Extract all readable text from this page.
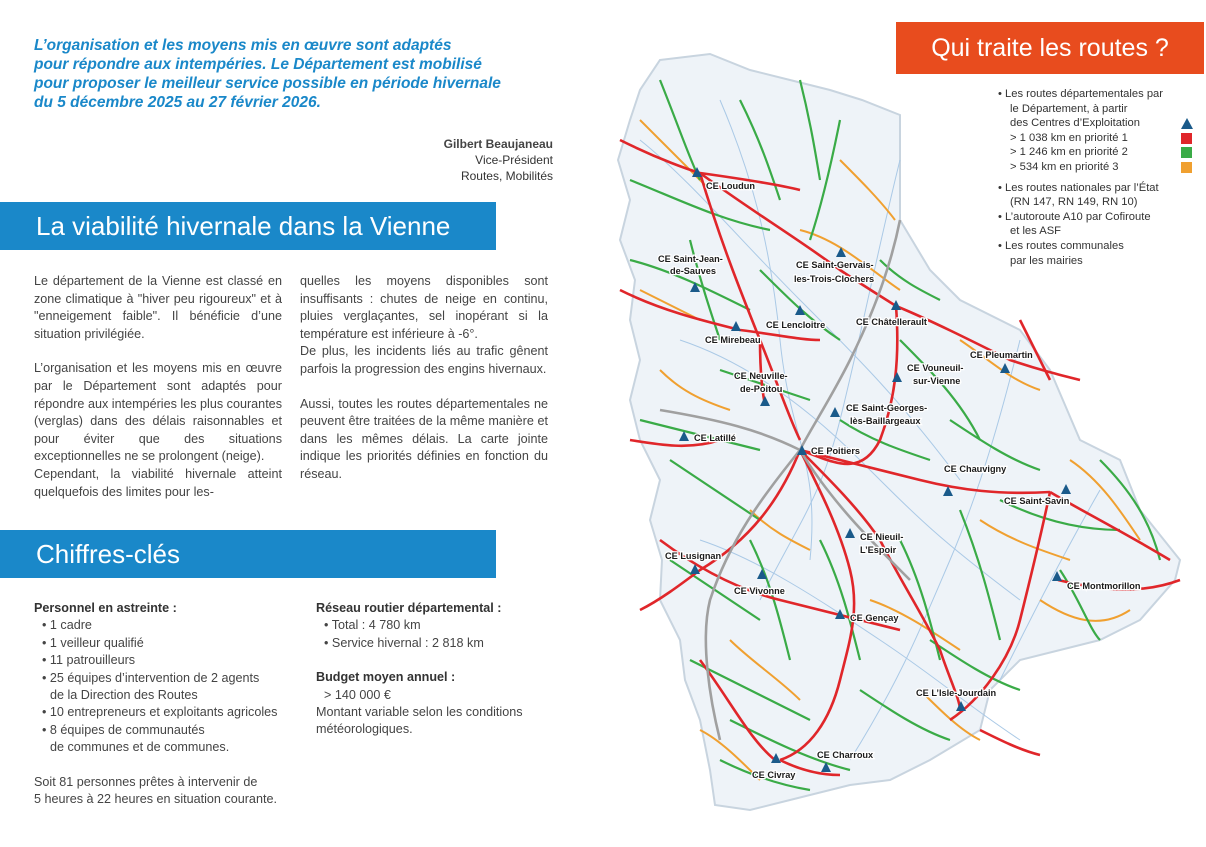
L’organisation et les moyens mis en œuvre sont adaptés
pour répondre aux intempéries. Le Département est mobilisé
pour proposer le meilleur service possible en période hivernale
du 5 décembre 2025 au 27 février 2026.
Gilbert Beaujaneau
Vice-Président
Routes, Mobilités
La viabilité hivernale dans la Vienne

Le département de la Vienne est classé en zone climatique à "hiver peu rigoureux" et à "enneigement faible". Il bénéficie d’une situation privilégiée.

L’organisation et les moyens mis en œuvre par le Département sont adaptés pour répondre aux intempéries les plus courantes (verglas) dans des délais raisonnables et pour éviter que des situations exceptionnelles ne se prolongent (neige).

Cependant, la viabilité hivernale atteint quelquefois des limites pour les-

quelles les moyens disponibles sont insuffisants : chutes de neige en continu, pluies verglaçantes, sel inopérant si la température est inférieure à -6°.

De plus, les incidents liés au trafic gênent parfois la progression des engins hivernaux.

Aussi, toutes les routes départementales ne peuvent être traitées de la même manière et dans les mêmes délais. La carte jointe indique les priorités définies en fonction du réseau.

Chiffres-clés
Personnel en astreinte :
• 1 cadre
• 1 veilleur qualifié
• 11 patrouilleurs
• 25 équipes d’intervention de 2 agents
de la Direction des Routes
• 10 entrepreneurs et exploitants agricoles
• 8 équipes de communautés
de communes et de communes.
Soit 81 personnes prêtes à intervenir de
5 heures à 22 heures en situation courante.
Réseau routier départemental :
• Total : 4 780 km
• Service hivernal : 2 818 km
Budget moyen annuel :
> 140 000 €
Montant variable selon les conditions
météorologiques.
CE Loudun
CE Saint-Jean-
de-Sauves
CE Saint-Gervais-
les-Trois-Clochers
CE Lencloitre	CE Châtellerault
CE Mirebeau
CE Pleumartin
CE Vouneuil-
sur-Vienne
CE Neuville-
de-Poitou
CE Saint-Georges-
lès-Baillargeaux
CE Latillé
CE Poitiers
CE Chauvigny
CE Saint-Savin
CE Nieuil-
L’Espoir
CE Lusignan
CE Vivonne	CE Montmorillon
CE Gençay
CE L’Isle-Jourdain
CE Charroux
CE Civray
Qui traite les routes ?
• Les routes départementales par
le Département, à partir
des Centres d’Exploitation
> 1 038 km en priorité 1
> 1 246 km en priorité 2
> 534 km en priorité 3
• Les routes nationales par l’État
(RN 147, RN 149, RN 10)
• L’autoroute A10 par Cofiroute
et les ASF
• Les routes communales
par les mairies
